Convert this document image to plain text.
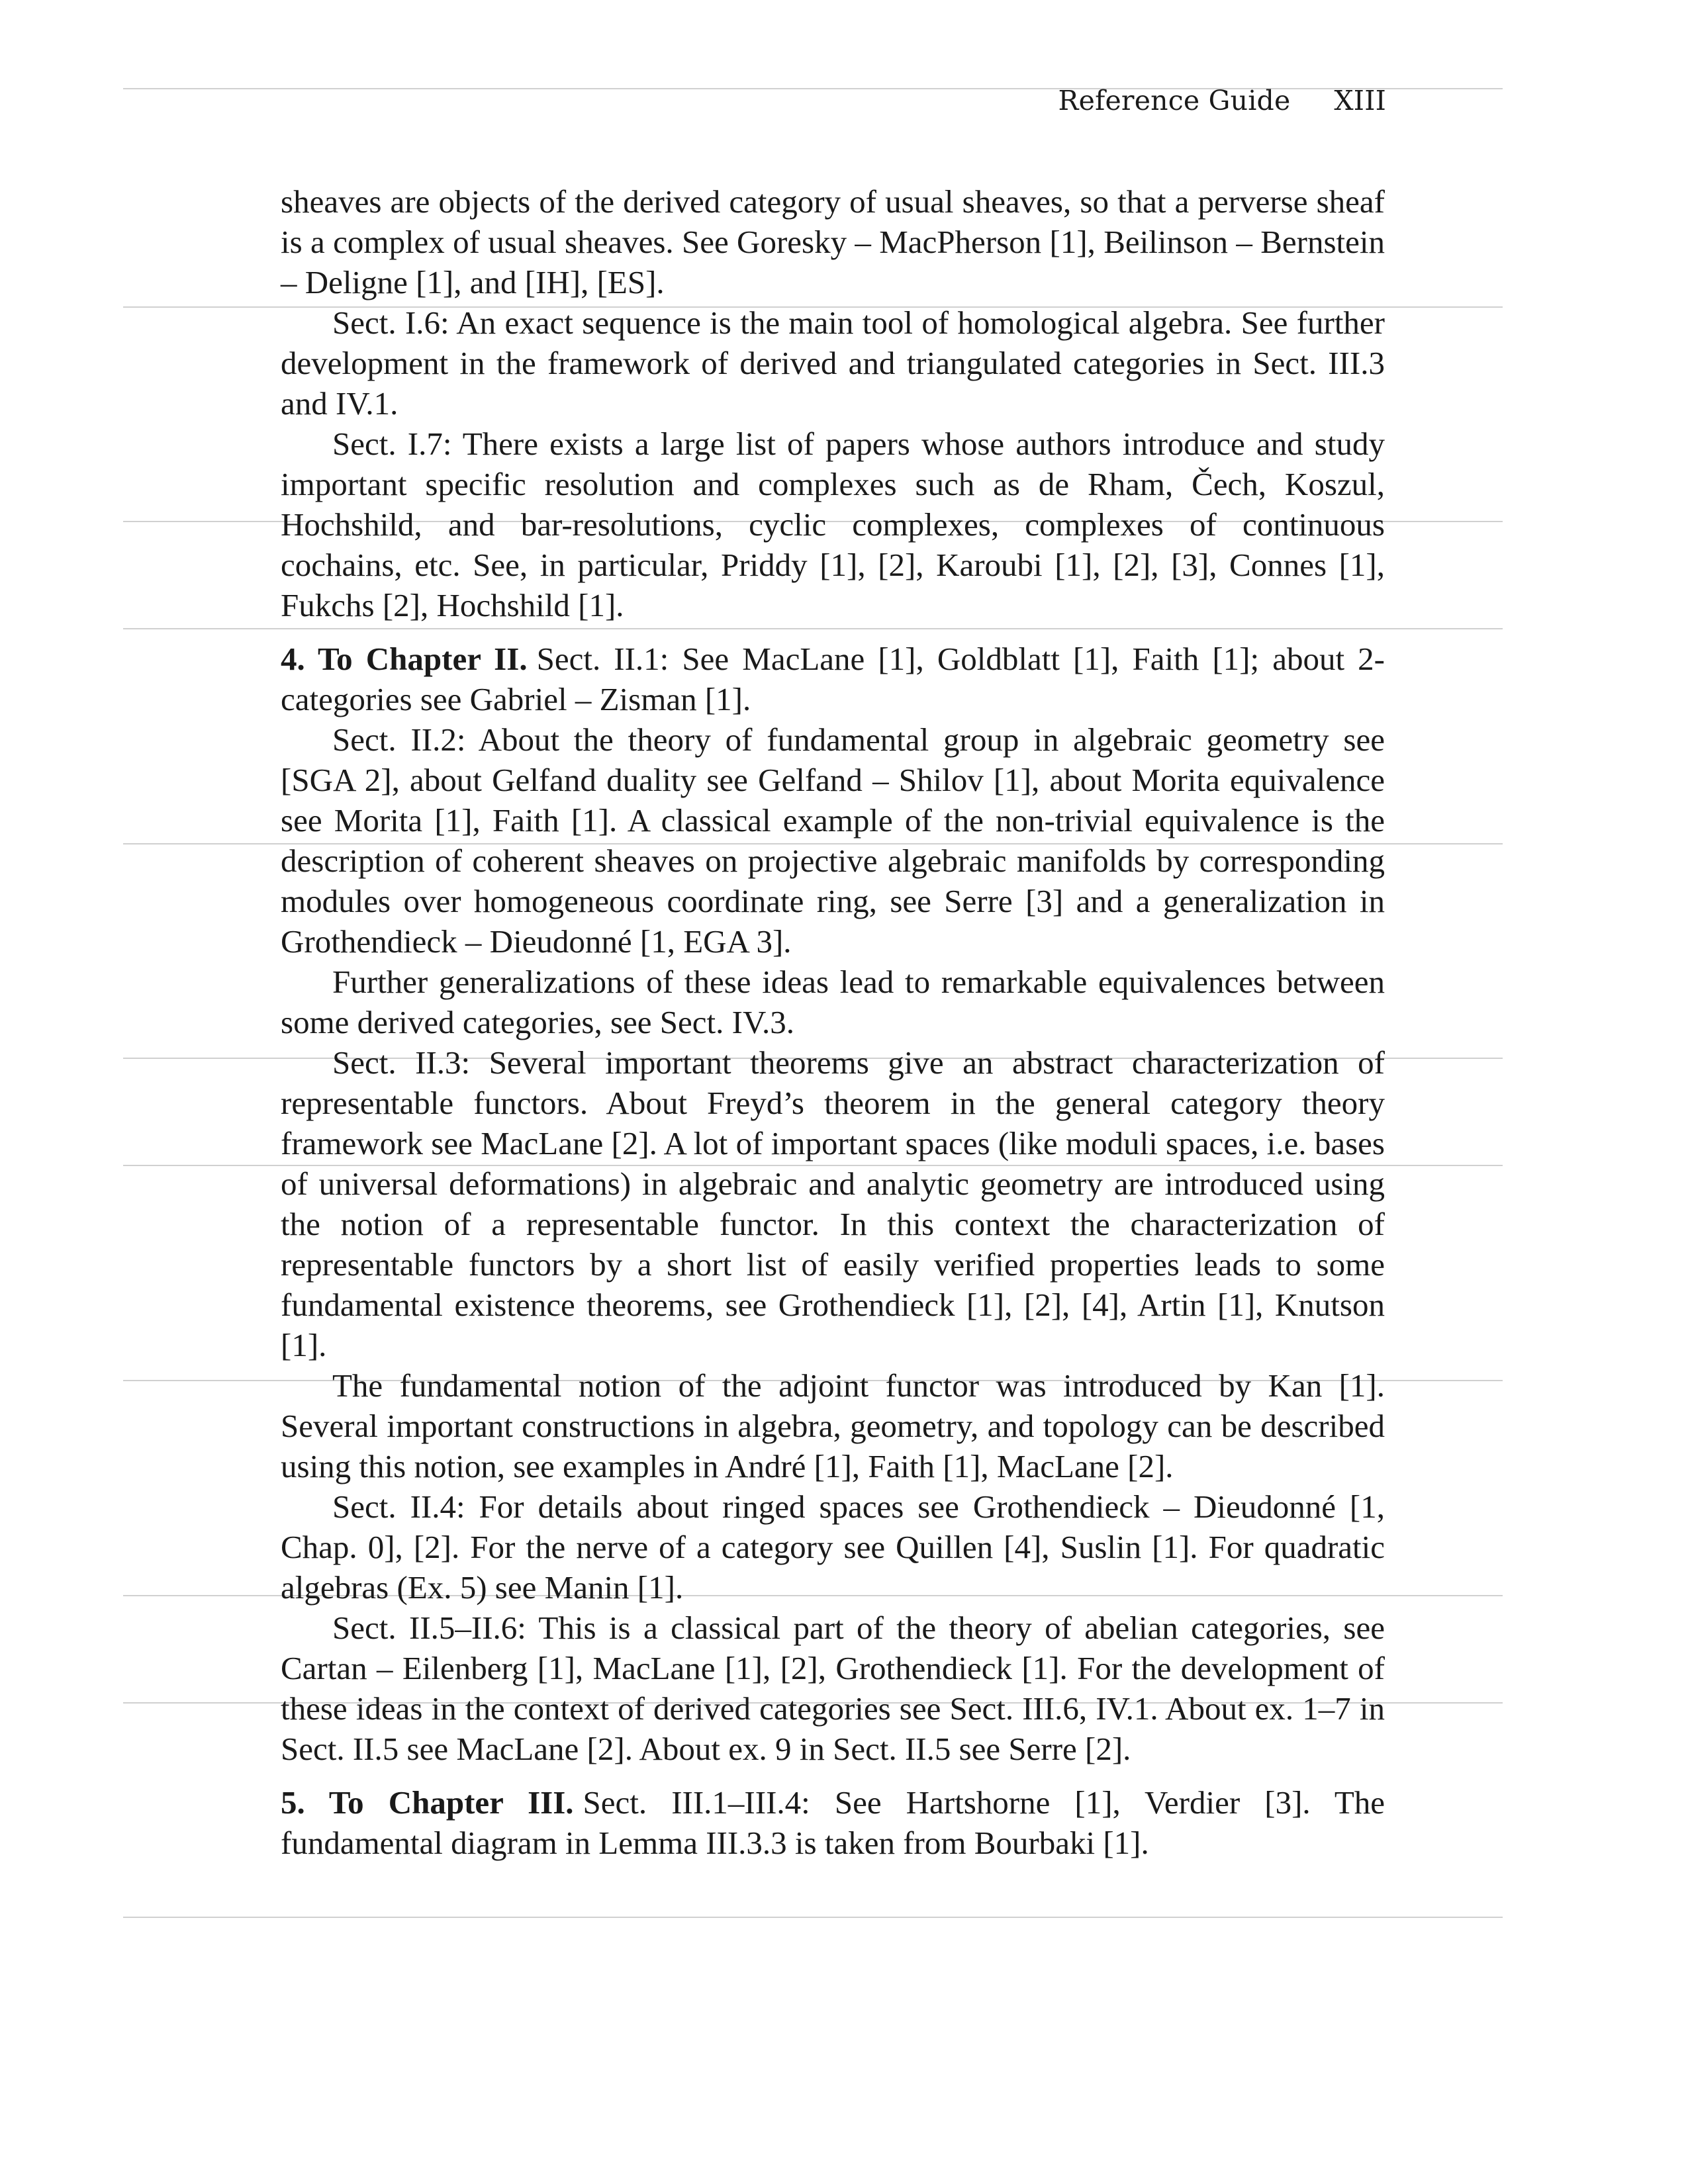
Reference Guide XIII

sheaves are objects of the derived category of usual sheaves, so that a perverse sheaf is a complex of usual sheaves. See Goresky – MacPherson [1], Beilinson – Bernstein – Deligne [1], and [IH], [ES].

Sect. I.6: An exact sequence is the main tool of homological algebra. See further development in the framework of derived and triangulated categories in Sect. III.3 and IV.1.

Sect. I.7: There exists a large list of papers whose authors introduce and study important specific resolution and complexes such as de Rham, Čech, Koszul, Hochshild, and bar-resolutions, cyclic complexes, complexes of continuous cochains, etc. See, in particular, Priddy [1], [2], Karoubi [1], [2], [3], Connes [1], Fukchs [2], Hochshild [1].

4. To Chapter II. Sect. II.1: See MacLane [1], Goldblatt [1], Faith [1]; about 2-categories see Gabriel – Zisman [1].

Sect. II.2: About the theory of fundamental group in algebraic geometry see [SGA 2], about Gelfand duality see Gelfand – Shilov [1], about Morita equivalence see Morita [1], Faith [1]. A classical example of the non-trivial equivalence is the description of coherent sheaves on projective algebraic manifolds by corresponding modules over homogeneous coordinate ring, see Serre [3] and a generalization in Grothendieck – Dieudonné [1, EGA 3].

Further generalizations of these ideas lead to remarkable equivalences between some derived categories, see Sect. IV.3.

Sect. II.3: Several important theorems give an abstract characterization of representable functors. About Freyd’s theorem in the general category theory framework see MacLane [2]. A lot of important spaces (like moduli spaces, i.e. bases of universal deformations) in algebraic and analytic geometry are introduced using the notion of a representable functor. In this context the characterization of representable functors by a short list of easily verified properties leads to some fundamental existence theorems, see Grothendieck [1], [2], [4], Artin [1], Knutson [1].

The fundamental notion of the adjoint functor was introduced by Kan [1]. Several important constructions in algebra, geometry, and topology can be described using this notion, see examples in André [1], Faith [1], MacLane [2].

Sect. II.4: For details about ringed spaces see Grothendieck – Dieudonné [1, Chap. 0], [2]. For the nerve of a category see Quillen [4], Suslin [1]. For quadratic algebras (Ex. 5) see Manin [1].

Sect. II.5–II.6: This is a classical part of the theory of abelian categories, see Cartan – Eilenberg [1], MacLane [1], [2], Grothendieck [1]. For the development of these ideas in the context of derived categories see Sect. III.6, IV.1. About ex. 1–7 in Sect. II.5 see MacLane [2]. About ex. 9 in Sect. II.5 see Serre [2].

5. To Chapter III. Sect. III.1–III.4: See Hartshorne [1], Verdier [3]. The fundamental diagram in Lemma III.3.3 is taken from Bourbaki [1].
